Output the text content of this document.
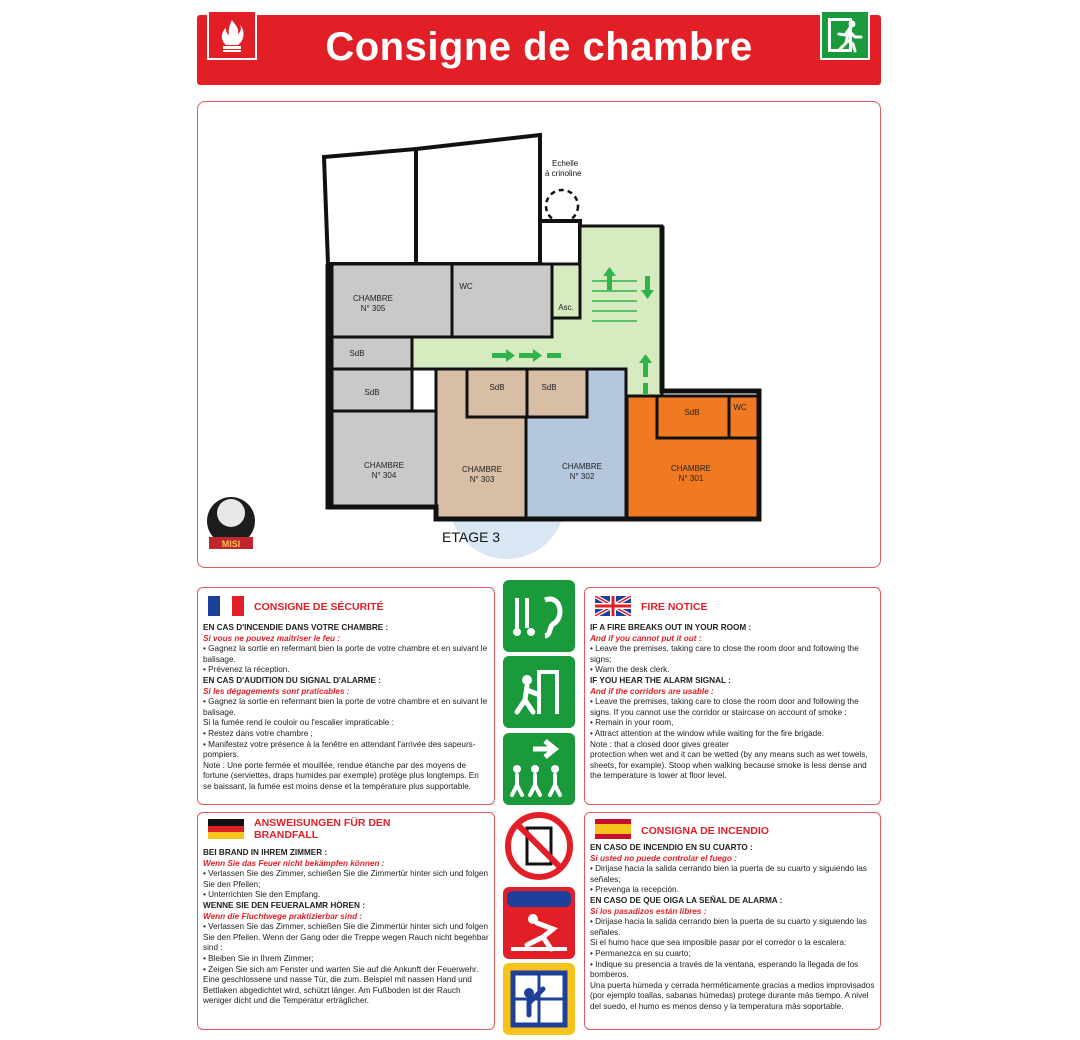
Consigne de chambre
Echelle
à crinoline
CHAMBRE
N° 305
WC
SdB
SdB
CHAMBRE
N° 304
CHAMBRE
N° 303
CHAMBRE
N° 302
CHAMBRE
N° 301
SdB	SdB
SdB
WC
Asc.
ETAGE 3
MISI
CONSIGNE DE SÉCURITÉ

EN CAS D'INCENDIE DANS VOTRE CHAMBRE :

Si vous ne pouvez maitriser le feu :

• Gagnez la sortie en refermant bien la porte de votre chambre et en suivant le balisage.

• Prévenez la réception.

EN CAS D'AUDITION DU SIGNAL D'ALARME :

Si les dégagements sont praticables :

• Gagnez la sortie en refermant bien la porte de votre chambre et en suivant le balisage.

Si la fumée rend le couloir ou l'escalier impraticable :

• Restez dans votre chambre ;

• Manifestez votre présence à la fenêtre en attendant l'arrivée des sapeurs-pompiers.

Note : Une porte fermée et mouillée, rendue étanche par des moyens de fortune (serviettes, draps humides par exemple) protège plus longtemps. En se baissant, la fumée est moins dense et la température plus supportable.

FIRE NOTICE

IF A FIRE BREAKS OUT IN YOUR ROOM :

And if you cannot put it out :

• Leave the premises, taking care to close the room door and following the signs;

• Warn the desk clerk.

IF YOU HEAR THE ALARM SIGNAL :

And if the corridors are usable :

• Leave the premises, taking care to close the room door and following the signs. If you cannot use the corridor or staircase on account of smoke :

• Remain in your room,

• Attract attention at the window while waiting for the fire brigade.

Note : that a closed door gives greater

protection when wet and it can be wetted (by any means such as wet towels, sheets, for example). Stoop when walking because smoke is less dense and the temperature is lower at floor level.

ANSWEISUNGEN FÜR DEN
BRANDFALL

BEI BRAND IN IHREM ZIMMER :

Wenn Sie das Feuer nicht bekämpfen können :

• Verlassen Sie des Zimmer, schießen Sie die Zimmertür hinter sich und folgen Sie den Pfeilen;

• Unterrichten Sie den Empfang.

WENNE SIE DEN FEUERALAMR HÖREN :

Wenn die Fluchtwege praktizierbar sind :

• Verlassen Sie das Zimmer, schießen Sie die Zimmertür hinter sich und folgen Sie den Pfeilen. Wenn der Gang oder die Treppe wegen Rauch nicht begehbar sind :

• Bleiben Sie in Ihrem Zimmer;

• Zeigen Sie sich am Fenster und warten Sie auf die Ankunft der Feuerwehr.

Eine geschlossene und nasse Tür, die zum. Beispiel mit nassen Hand und Bettlaken abgedichtet wird, schützt länger. Am Fußboden ist der Rauch weniger dicht und die Temperatur erträglicher.

CONSIGNA DE INCENDIO

EN CASO DE INCENDIO EN SU CUARTO :

Si usted no puede controlar el fuego :

• Dirijase hacia la salida cerrando bien la puerta de su cuarto y siguiendo las señales;

• Prevenga la recepción.

EN CASO DE QUE OIGA LA SEÑAL DE ALARMA :

Si los pasadizos están libres :

• Dirijase hacia la salida cerrando bien la puerta de su cuarto y siguiendo las señales.

Si el humo hace que sea imposible pasar por el corredor o la escalera:

• Permanezca en su cuarto;

• Indique su presencia a través de la ventana, esperando la llegada de los bomberos.

Una puerta húmeda y cerrada herméticamente gracias a medios improvisados (por ejemplo toallas, sabanas húmedas) protege durante más tiempo. A nivel del suedo, el humo es menos denso y la temperatura más soportable.
